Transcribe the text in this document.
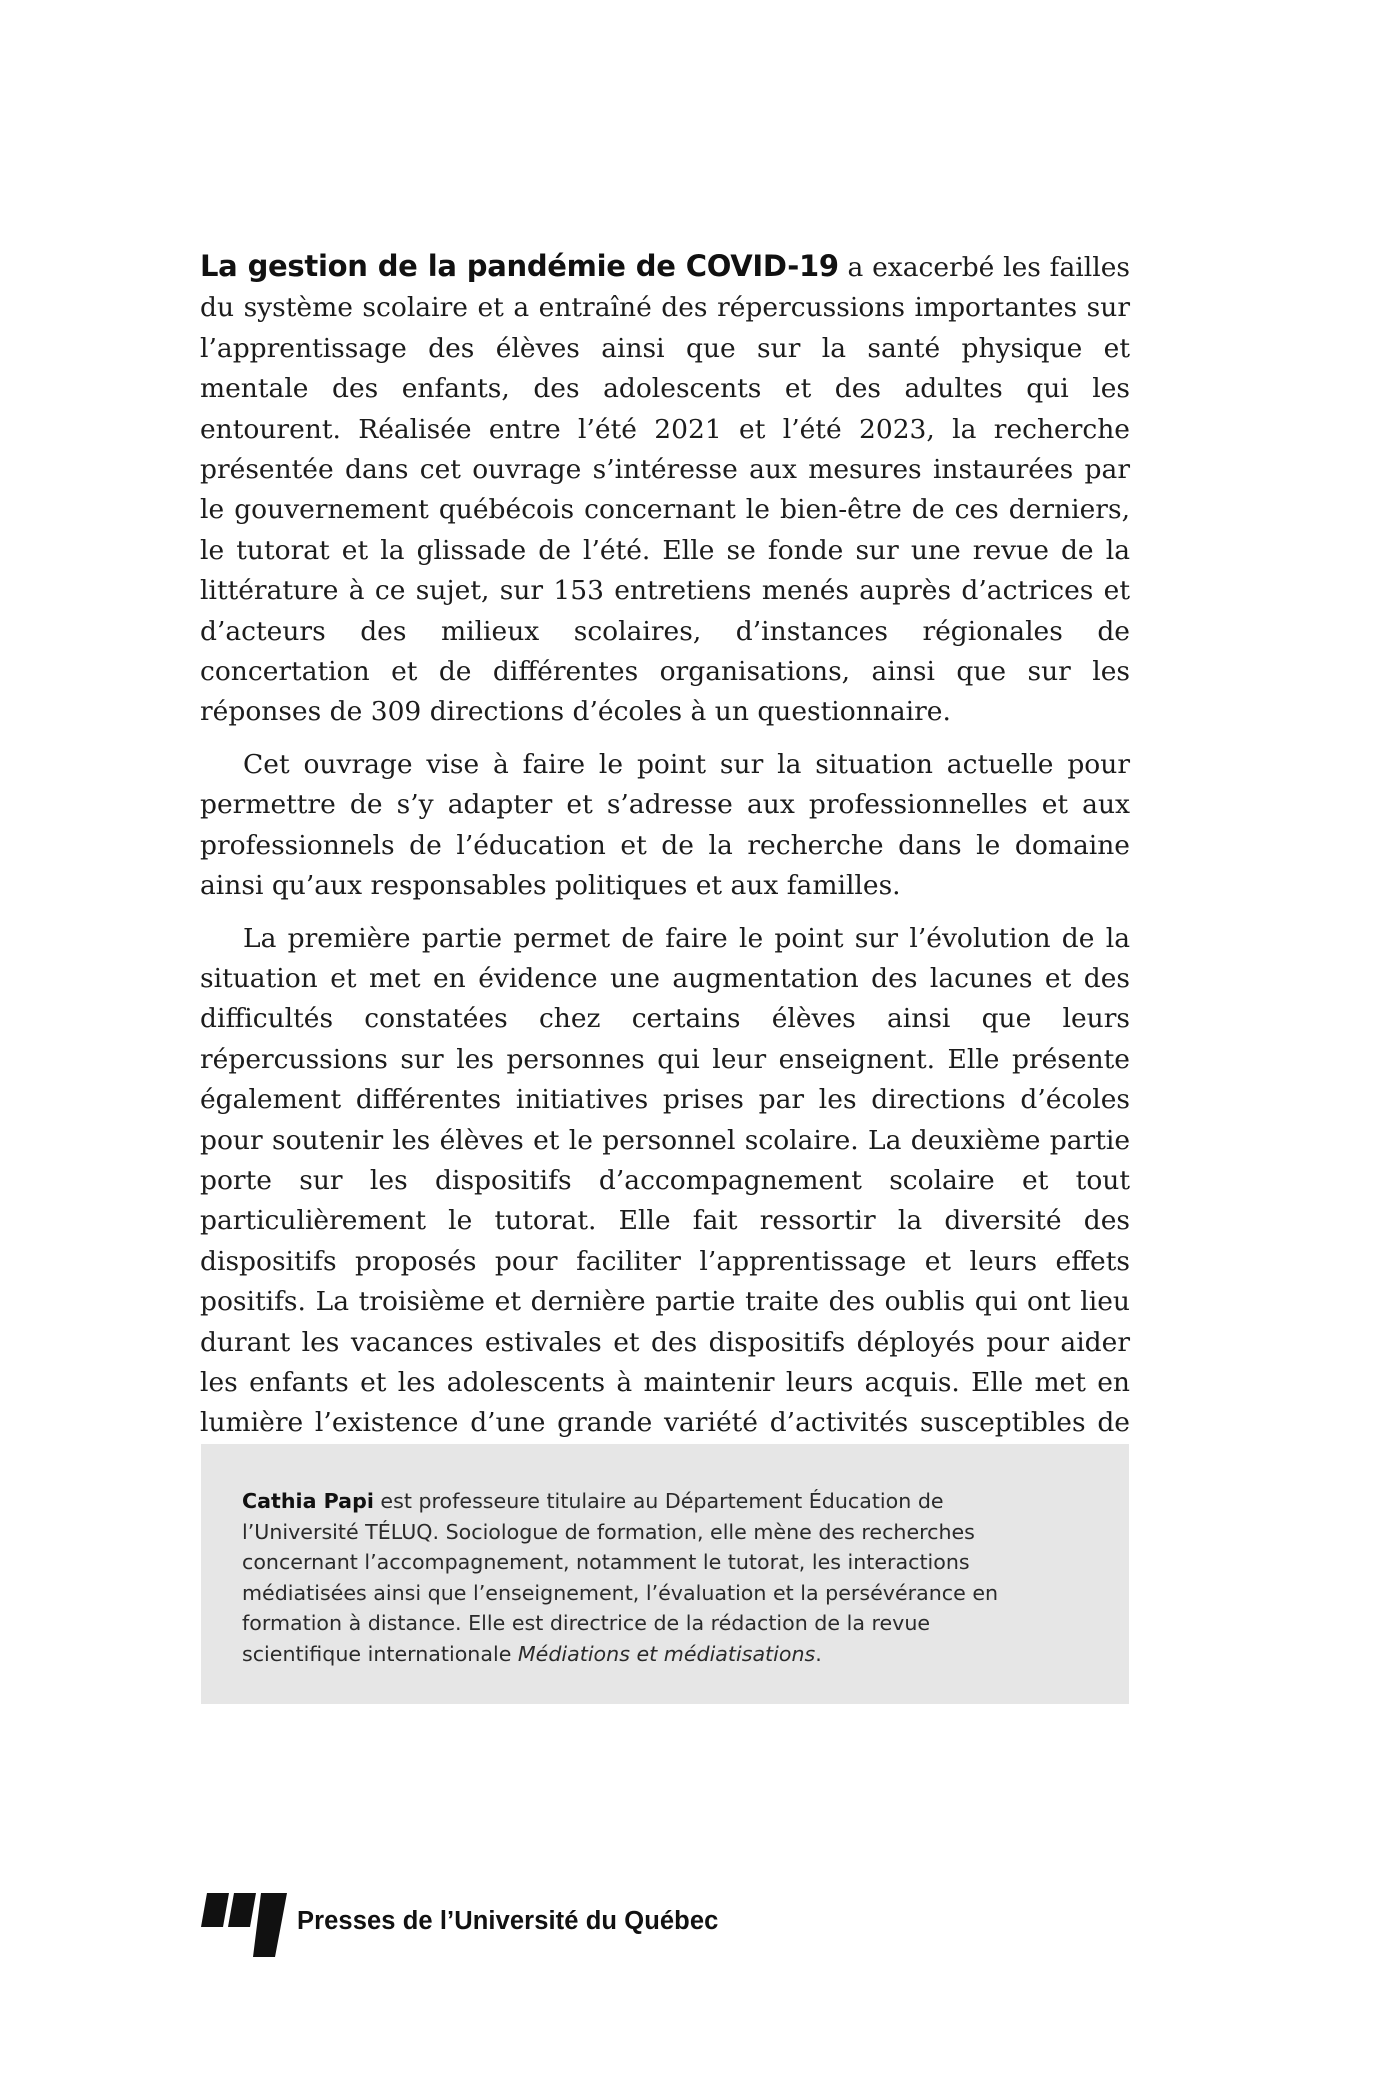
La gestion de la pandémie de COVID-19 a exacerbé les failles du système scolaire et a entraîné des répercussions importantes sur l’apprentissage des élèves ainsi que sur la santé physique et mentale des enfants, des adolescents et des adultes qui les entourent. Réalisée entre l’été 2021 et l’été 2023, la recherche présentée dans cet ouvrage s’intéresse aux mesures instaurées par le gouvernement québécois concernant le bien-être de ces derniers, le tutorat et la glissade de l’été. Elle se fonde sur une revue de la littérature à ce sujet, sur 153 entretiens menés auprès d’actrices et d’acteurs des milieux scolaires, d’instances régionales de concertation et de différentes organisations, ainsi que sur les réponses de 309 directions d’écoles à un questionnaire.

Cet ouvrage vise à faire le point sur la situation actuelle pour permettre de s’y adapter et s’adresse aux professionnelles et aux professionnels de l’éducation et de la recherche dans le domaine ainsi qu’aux responsables politiques et aux familles.

La première partie permet de faire le point sur l’évolution de la situation et met en évidence une augmentation des lacunes et des difficultés constatées chez certains élèves ainsi que leurs répercussions sur les personnes qui leur enseignent. Elle présente également différentes initiatives prises par les directions d’écoles pour soutenir les élèves et le personnel scolaire. La deuxième partie porte sur les dispositifs d’accompagnement scolaire et tout particulièrement le tutorat. Elle fait ressortir la diversité des dispositifs proposés pour faciliter l’apprentissage et leurs effets positifs. La troisième et dernière partie traite des oublis qui ont lieu durant les vacances estivales et des dispositifs déployés pour aider les enfants et les adolescents à maintenir leurs acquis. Elle met en lumière l’existence d’une grande variété d’activités susceptibles de

Cathia Papi est professeure titulaire au Département Éducation de l’Université TÉLUQ. Sociologue de formation, elle mène des recherches concernant l’accompagnement, notamment le tutorat, les interactions médiatisées ainsi que l’enseignement, l’évaluation et la persévérance en formation à distance. Elle est directrice de la rédaction de la revue scientifique internationale Médiations et médiatisations.
Presses de l’Université du Québec
